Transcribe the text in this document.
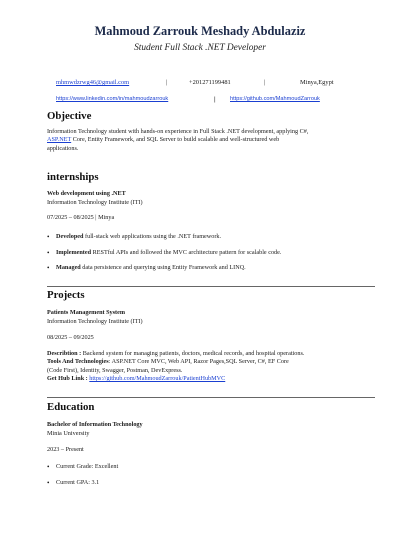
Mahmoud Zarrouk Meshady Abdulaziz
Student Full Stack .NET Developer
mhmwdzrwg46@gmail.com	|	+201271199481	|	Minya,Egypt
https://www.linkedin.com/in/mahmoudzarrouk	|	https://github.com/MahmoudZarrouk
Objective
Information Technology student with hands-on experience in Full Stack .NET development, applying C#,
ASP.NET Core, Entity Framework, and SQL Server to build scalable and well-structured web
applications.
internships
Web development using .NET
Information Technology Institute (ITI)
07/2025 – 08/2025 | Minya
• Developed full-stack web applications using the .NET framework.
• Implemented RESTful APIs and followed the MVC architecture pattern for scalable code.
• Managed data persistence and querying using Entity Framework and LINQ.
Projects
Patients Management System
Information Technology Institute (ITI)
08/2025 – 09/2025
Describtion : Backend system for managing patients, doctors, medical records, and hospital operations.
Tools And Technologies: ASP.NET Core MVC, Web API, Razor Pages,SQL Server, C#, EF Core
(Code First), Identity, Swagger, Postman, DevExpress.
Get Hub Link : https://github.com/MahmoudZarrouk/PatientHubMVC
Education
Bachelor of Information Technology
Minia University
2023 – Present
• Current Grade: Excellent
• Current GPA: 3.1
